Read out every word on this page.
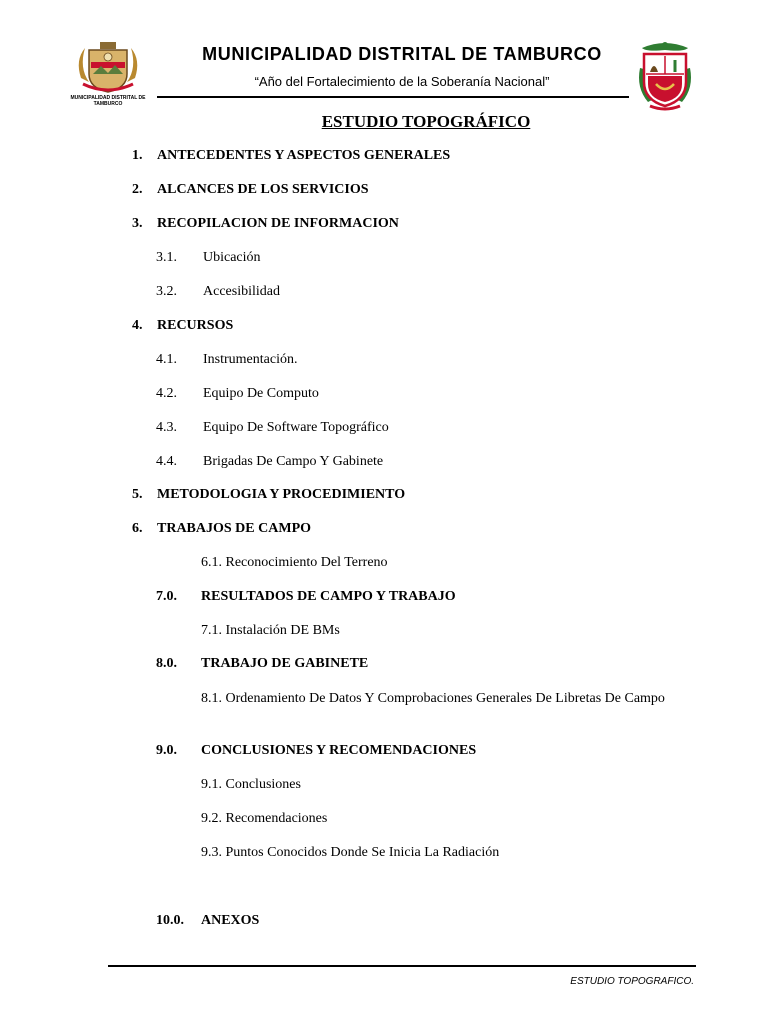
MUNICIPALIDAD DISTRITAL DE TAMBURCO
MUNICIPALIDAD DISTRITAL DE TAMBURCO
“Año del Fortalecimiento de la Soberanía Nacional”
ESTUDIO TOPOGRÁFICO
1. ANTECEDENTES Y ASPECTOS GENERALES
2. ALCANCES DE LOS SERVICIOS
3. RECOPILACION DE INFORMACION
3.1. Ubicación
3.2. Accesibilidad
4. RECURSOS
4.1. Instrumentación.
4.2. Equipo De Computo
4.3. Equipo De Software Topográfico
4.4. Brigadas De Campo Y Gabinete
5. METODOLOGIA Y PROCEDIMIENTO
6. TRABAJOS DE CAMPO
6.1. Reconocimiento Del Terreno
7.0. RESULTADOS DE CAMPO Y TRABAJO
7.1. Instalación DE BMs
8.0. TRABAJO DE GABINETE
8.1. Ordenamiento De Datos Y Comprobaciones Generales De Libretas De Campo
9.0. CONCLUSIONES Y RECOMENDACIONES
9.1. Conclusiones
9.2. Recomendaciones
9.3. Puntos Conocidos Donde Se Inicia La Radiación
10.0. ANEXOS
ESTUDIO TOPOGRAFICO.
